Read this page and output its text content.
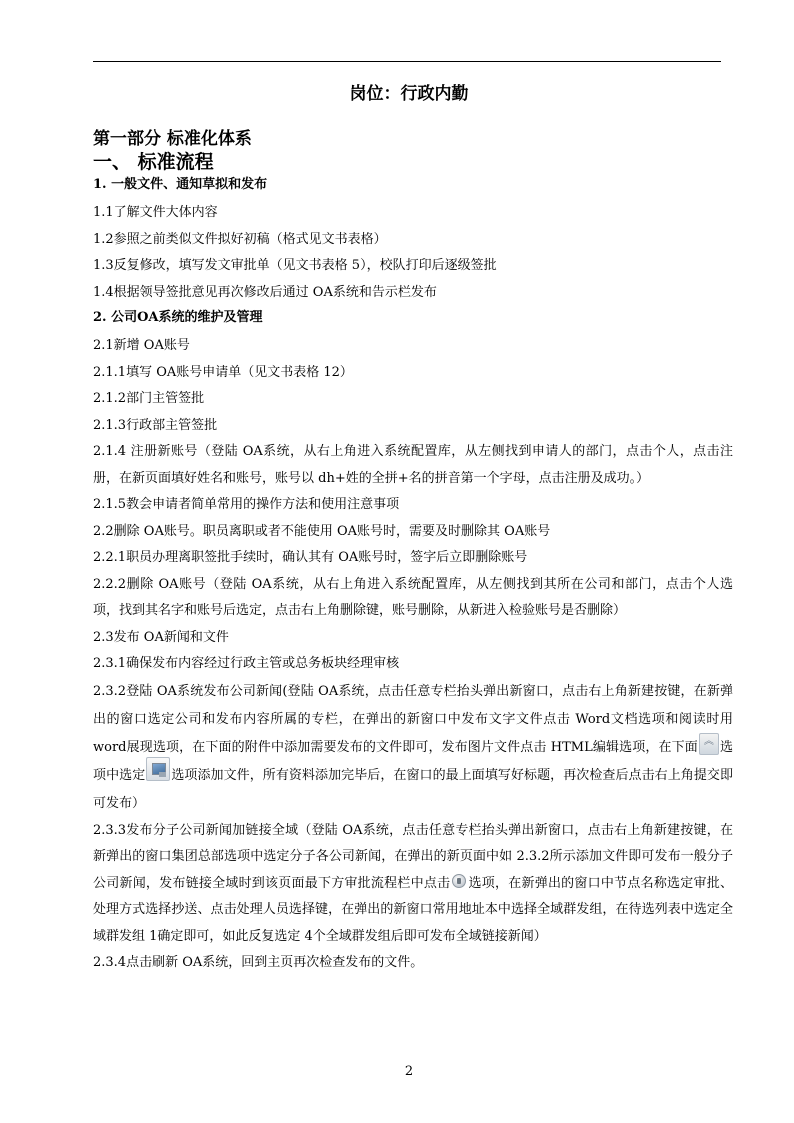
岗位：行政内勤

第一部分 标准化体系

一、 标准流程

1. 一般文件、通知草拟和发布

1.1了解文件大体内容

1.2参照之前类似文件拟好初稿（格式见文书表格）

1.3反复修改，填写发文审批单（见文书表格 5），校队打印后逐级签批

1.4根据领导签批意见再次修改后通过 OA系统和告示栏发布

2. 公司OA系统的维护及管理

2.1新增 OA账号

2.1.1填写 OA账号申请单（见文书表格 12）

2.1.2部门主管签批

2.1.3行政部主管签批

2.1.4 注册新账号（登陆 OA系统，从右上角进入系统配置库，从左侧找到申请人的部门，点击个人，点击注册，在新页面填好姓名和账号，账号以 dh+姓的全拼+名的拼音第一个字母，点击注册及成功。）

2.1.5教会申请者简单常用的操作方法和使用注意事项

2.2删除 OA账号。职员离职或者不能使用 OA账号时，需要及时删除其 OA账号

2.2.1职员办理离职签批手续时，确认其有 OA账号时，签字后立即删除账号

2.2.2删除 OA账号（登陆 OA系统，从右上角进入系统配置库，从左侧找到其所在公司和部门，点击个人选项，找到其名字和账号后选定，点击右上角删除键，账号删除，从新进入检验账号是否删除）

2.3发布 OA新闻和文件

2.3.1确保发布内容经过行政主管或总务板块经理审核

2.3.2登陆 OA系统发布公司新闻(登陆 OA系统，点击任意专栏抬头弹出新窗口，点击右上角新建按键，在新弹出的窗口选定公司和发布内容所属的专栏，在弹出的新窗口中发布文字文件点击 Word文档选项和阅读时用 word展现选项，在下面的附件中添加需要发布的文件即可，发布图片文件点击 HTML编辑选项，在下面︽ 选项中选定 选项添加文件，所有资料添加完毕后，在窗口的最上面填写好标题，再次检查后点击右上角提交即可发布）

2.3.3发布分子公司新闻加链接全域（登陆 OA系统，点击任意专栏抬头弹出新窗口，点击右上角新建按键，在新弹出的窗口集团总部选项中选定分子各公司新闻，在弹出的新页面中如 2.3.2所示添加文件即可发布一般分子公司新闻，发布链接全域时到该页面最下方审批流程栏中点击 选项，在新弹出的窗口中节点名称选定审批、处理方式选择抄送、点击处理人员选择键，在弹出的新窗口常用地址本中选择全域群发组，在待选列表中选定全域群发组 1确定即可，如此反复选定 4个全域群发组后即可发布全域链接新闻）

2.3.4点击刷新 OA系统，回到主页再次检查发布的文件。

2
